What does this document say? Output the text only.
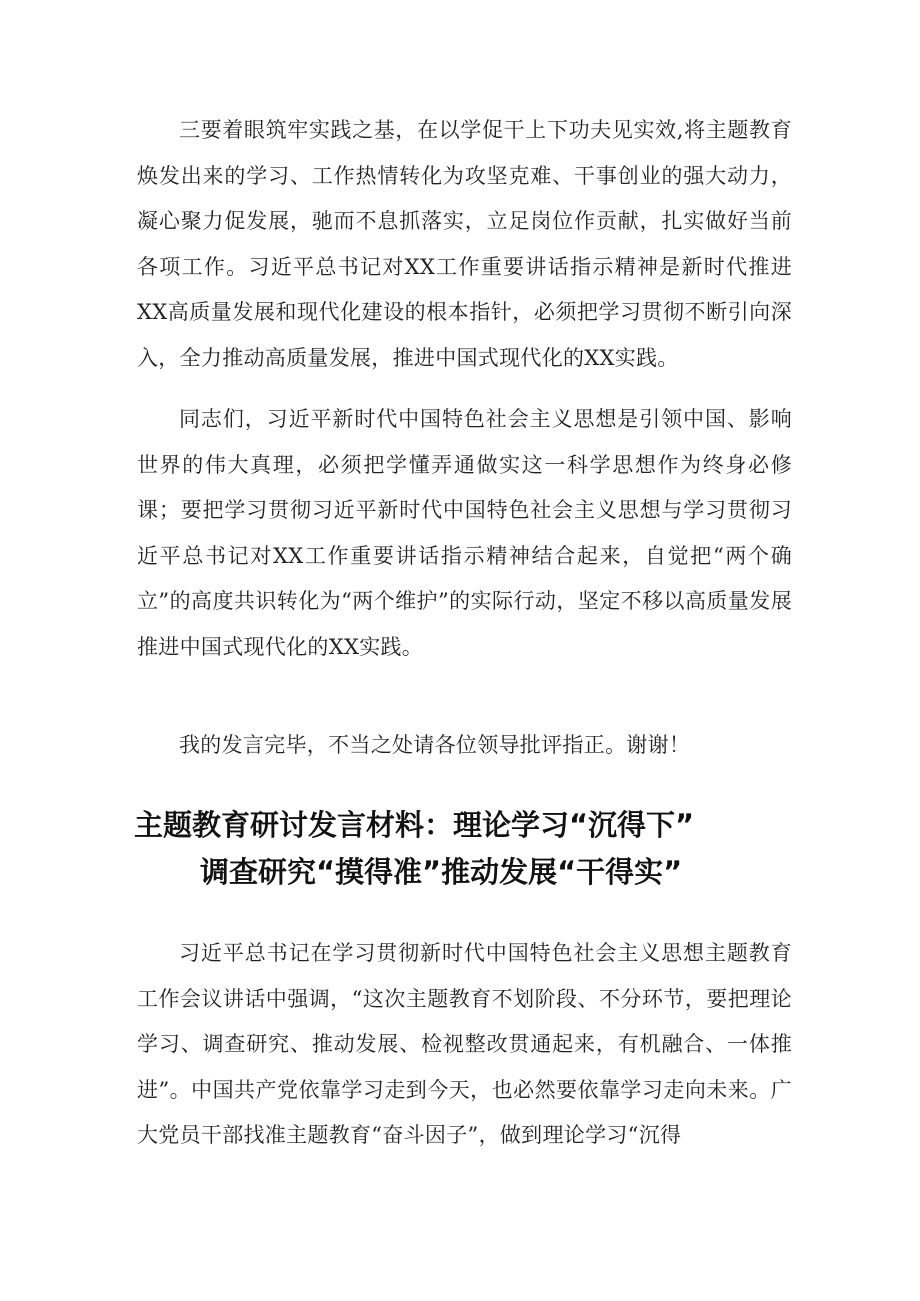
三要着眼筑牢实践之基，在以学促干上下功夫见实效,将主题教育焕发出来的学习、工作热情转化为攻坚克难、干事创业的强大动力，凝心聚力促发展，驰而不息抓落实，立足岗位作贡献，扎实做好当前各项工作。习近平总书记对XX工作重要讲话指示精神是新时代推进XX高质量发展和现代化建设的根本指针，必须把学习贯彻不断引向深入，全力推动高质量发展，推进中国式现代化的XX实践。

同志们，习近平新时代中国特色社会主义思想是引领中国、影响世界的伟大真理，必须把学懂弄通做实这一科学思想作为终身必修课；要把学习贯彻习近平新时代中国特色社会主义思想与学习贯彻习近平总书记对XX工作重要讲话指示精神结合起来，自觉把“两个确立”的高度共识转化为“两个维护”的实际行动，坚定不移以高质量发展推进中国式现代化的XX实践。

我的发言完毕，不当之处请各位领导批评指正。谢谢！

主题教育研讨发言材料：理论学习“沉得下”
调查研究“摸得准”推动发展“干得实”

习近平总书记在学习贯彻新时代中国特色社会主义思想主题教育工作会议讲话中强调，“这次主题教育不划阶段、不分环节，要把理论学习、调查研究、推动发展、检视整改贯通起来，有机融合、一体推进”。中国共产党依靠学习走到今天，也必然要依靠学习走向未来。广大党员干部找准主题教育“奋斗因子”，做到理论学习“沉得
